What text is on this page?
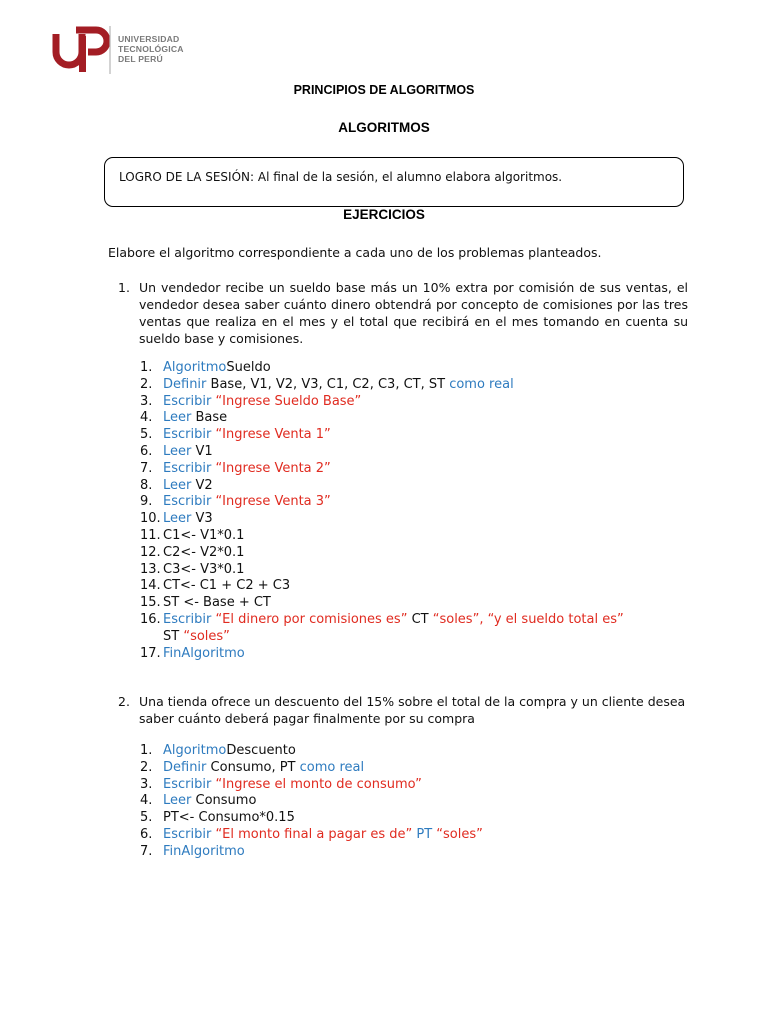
UNIVERSIDAD
TECNOLÓGICA
DEL PERÚ
PRINCIPIOS DE ALGORITMOS
ALGORITMOS
LOGRO DE LA SESIÓN: Al final de la sesión, el alumno elabora algoritmos.
EJERCICIOS
Elabore el algoritmo correspondiente a cada uno de los problemas planteados.
1. Un vendedor recibe un sueldo base más un 10% extra por comisión de sus ventas, el vendedor desea saber cuánto dinero obtendrá por concepto de comisiones por las tres ventas que realiza en el mes y el total que recibirá en el mes tomando en cuenta su sueldo base y comisiones.
1. AlgoritmoSueldo
2. Definir Base, V1, V2, V3, C1, C2, C3, CT, ST como real
3. Escribir “Ingrese Sueldo Base”
4. Leer Base
5. Escribir “Ingrese Venta 1”
6. Leer V1
7. Escribir “Ingrese Venta 2”
8. Leer V2
9. Escribir “Ingrese Venta 3”
10. Leer V3
11. C1<- V1*0.1
12. C2<- V2*0.1
13. C3<- V3*0.1
14. CT<- C1 + C2 + C3
15. ST <- Base + CT
16. Escribir “El dinero por comisiones es” CT “soles”, “y el sueldo total es”
ST “soles”
17. FinAlgoritmo
2. Una tienda ofrece un descuento del 15% sobre el total de la compra y un cliente desea saber cuánto deberá pagar finalmente por su compra
1. AlgoritmoDescuento
2. Definir Consumo, PT como real
3. Escribir “Ingrese el monto de consumo”
4. Leer Consumo
5. PT<- Consumo*0.15
6. Escribir “El monto final a pagar es de” PT “soles”
7. FinAlgoritmo
